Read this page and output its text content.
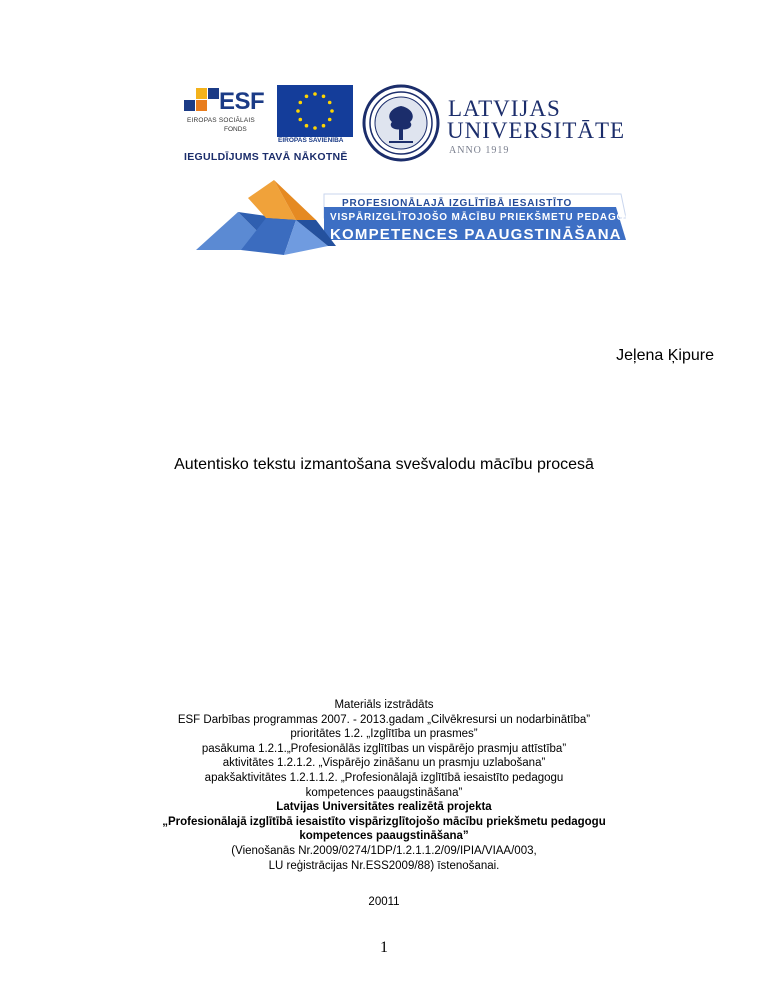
ESF
EIROPAS SOCIĀLAIS
FONDS
EIROPAS SAVIENĪBA
IEGULDĪJUMS TAVĀ NĀKOTNĒ
LATVIJAS
UNIVERSITĀTE
ANNO 1919
PROFESIONĀLAJĀ IZGLĪTĪBĀ IESAISTĪTO
VISPĀRIZGLĪTOJOŠO MĀCĪBU PRIEKŠMETU PEDAGOGU
KOMPETENCES PAAUGSTINĀŠANA
Jeļena Ķipure
Autentisko tekstu izmantošana svešvalodu mācību procesā
Materiāls izstrādāts
ESF Darbības programmas 2007. - 2013.gadam „Cilvēkresursi un nodarbinātība”
prioritātes 1.2. „Izglītība un prasmes”
pasākuma 1.2.1.„Profesionālās izglītības un vispārējo prasmju attīstība”
aktivitātes 1.2.1.2. „Vispārējo zināšanu un prasmju uzlabošana”
apakšaktivitātes 1.2.1.1.2. „Profesionālajā izglītībā iesaistīto pedagogu
kompetences paaugstināšana”
Latvijas Universitātes realizētā projekta
„Profesionālajā izglītībā iesaistīto vispārizglītojošo mācību priekšmetu pedagogu
kompetences paaugstināšana”
(Vienošanās Nr.2009/0274/1DP/1.2.1.1.2/09/IPIA/VIAA/003,
LU reģistrācijas Nr.ESS2009/88) īstenošanai.
20011
1
